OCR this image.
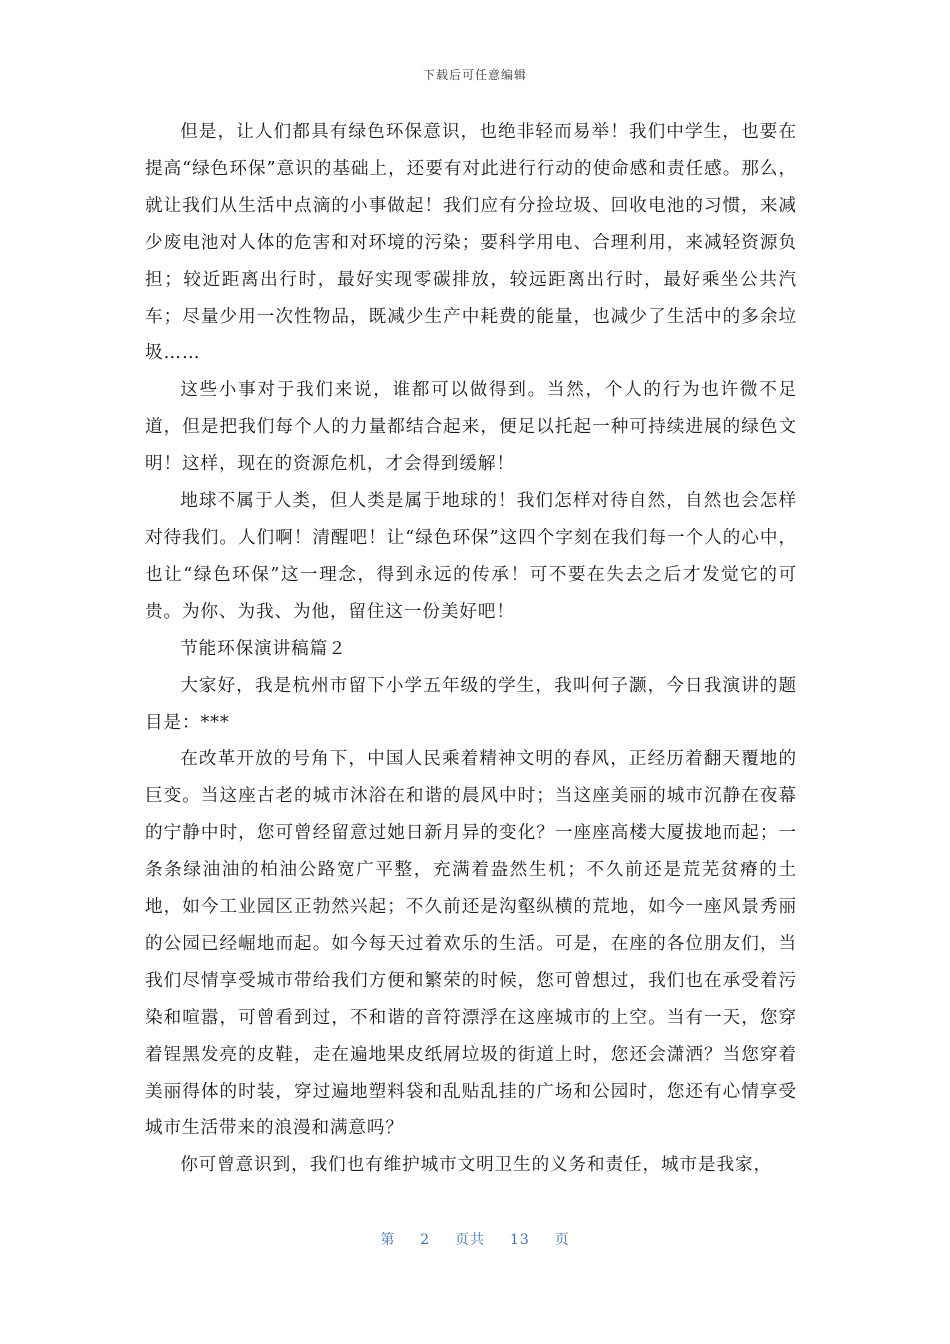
下载后可任意编辑

但是，让人们都具有绿色环保意识，也绝非轻而易举！我们中学生，也要在提高“绿色环保”意识的基础上，还要有对此进行行动的使命感和责任感。那么，就让我们从生活中点滴的小事做起！我们应有分捡垃圾、回收电池的习惯，来减少废电池对人体的危害和对环境的污染；要科学用电、合理利用，来减轻资源负担；较近距离出行时，最好实现零碳排放，较远距离出行时，最好乘坐公共汽车；尽量少用一次性物品，既减少生产中耗费的能量，也减少了生活中的多余垃圾……

这些小事对于我们来说，谁都可以做得到。当然，个人的行为也许微不足道，但是把我们每个人的力量都结合起来，便足以托起一种可持续进展的绿色文明！这样，现在的资源危机，才会得到缓解！

地球不属于人类，但人类是属于地球的！我们怎样对待自然，自然也会怎样对待我们。人们啊！清醒吧！让“绿色环保”这四个字刻在我们每一个人的心中，也让“绿色环保”这一理念，得到永远的传承！可不要在失去之后才发觉它的可贵。为你、为我、为他，留住这一份美好吧！

节能环保演讲稿篇２

大家好，我是杭州市留下小学五年级的学生，我叫何子灏，今日我演讲的题目是：***

在改革开放的号角下，中国人民乘着精神文明的春风，正经历着翻天覆地的巨变。当这座古老的城市沐浴在和谐的晨风中时；当这座美丽的城市沉静在夜幕的宁静中时，您可曾经留意过她日新月异的变化？一座座高楼大厦拔地而起；一条条绿油油的柏油公路宽广平整，充满着盎然生机；不久前还是荒芜贫瘠的土地，如今工业园区正勃然兴起；不久前还是沟壑纵横的荒地，如今一座风景秀丽的公园已经崛地而起。如今每天过着欢乐的生活。可是，在座的各位朋友们，当我们尽情享受城市带给我们方便和繁荣的时候，您可曾想过，我们也在承受着污染和喧嚣，可曾看到过，不和谐的音符漂浮在这座城市的上空。当有一天，您穿着锃黑发亮的皮鞋，走在遍地果皮纸屑垃圾的街道上时，您还会潇洒？当您穿着美丽得体的时装，穿过遍地塑料袋和乱贴乱挂的广场和公园时，您还有心情享受城市生活带来的浪漫和满意吗？

你可曾意识到，我们也有维护城市文明卫生的义务和责任，城市是我家，

第 2 页共 13 页
